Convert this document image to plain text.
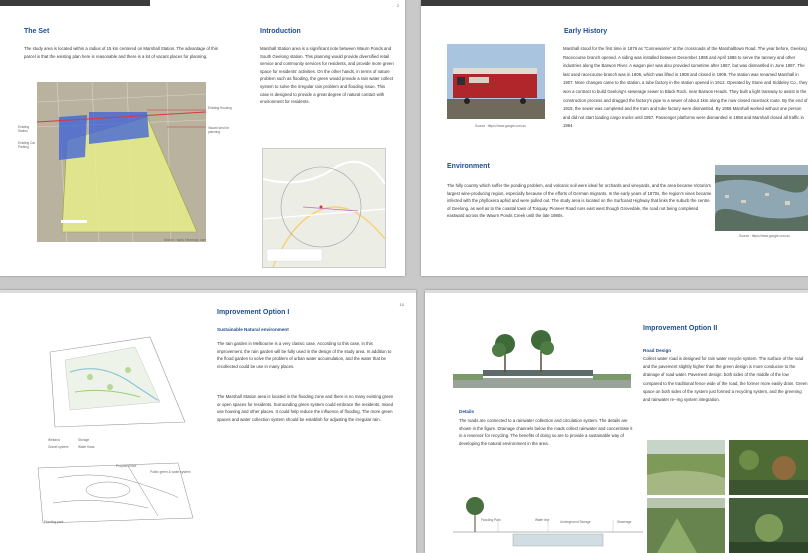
2
The Set
The study area is located within a radius of 15 km centered on Marshall Station. The advantage of this parcel is that the existing plan here is reasonable and there is a lot of vacant places for planning.
Existing Housing
Vacant land for planning
Existing Station
Existing Car Parking
Source : www. Nearmap .com
Introduction
Marshall Station area is a significant note between Waurn Ponds and South Geelong station. This planning would provide diversified retail service and community services for residents, and provide more green space for residents' activities. On the other hands, in terms of nature problem such as flooding, the green would provide a rain water collect system to solve the irregular rain problem and flooding issue. This case is designed to provide a great degree of natural contact with environment for residents.
Source : https://www.google.com.au
Early History
Marshall stood for the first time in 1879 as "Connewarrie" at the crossroads of the Marshalltown Road. The year before, Geelong Racecourse branch opened. A siding was installed between December 1885 and April 1886 to serve the tannery and other industries along the Barwon River. A wagon pier was also provided sometime after 1887, but was dismantled in June 1897. The last used racecourse branch was in 1906, which was lifted in 1908 and closed in 1909. The station was renamed Marshall in 1907. More changes came to the station, a tube factory in the station opened in 1912. Operated by Stone and Siddeley Co., they won a contract to build Geelong's sewerage sewer to Black Rock, near Barwon Heads. They built a light tramway to assist in the construction process and dragged the factory's pipe to a sewer of about 1km along the now closed racetrack route. By the end of 1915, the sewer was completed and the tram and tube factory were dismantled. By 1958 Marshall worked without one person and did not start loading cargo trucks until 1957. Passenger platforms were dismantled in 1958 and Marshall closed all traffic in 1964.
Environment
The hilly country which suffer the ponding problem, and volcanic soil were ideal for orchards and vineyards, and the area became Victoria's largest wine-producing region, especially because of the efforts of German migrants. In the early years of 1870s, the region's vines became infected with the phylloxera aphid and were pulled out. The study area is located on the Surfcoast Highway that links the suburb the centre of Geelong, as well as to the coastal town of Torquay. Pioneer Road runs east west though Grovedale, the road not being completed eastward across the Waurn Ponds Creek until the late 1980s.
Source : https://www.google.com.au
10
Improvement Option I
Sustainable Natural environment
The rain garden in Melbourne is a very classic case. According to this case, in this improvement, the rain garden will be fully used in the design of the study area. In addition to the flood garden to solve the problem of urban water accumulation, and the water that be recollected could be use in many places.
The Marshall Station area is located in the flooding zone and there is no many existing green or open spaces for residents. Surrounding green system could embrace the residents, mixed use housing and other places. It could help reduce the influence of flooding. The more green spaces and water collection system should be establish for adjusting the irregular rain.
Wetland	Storage
Gravel system	Water flows
Proposed bike
Public green & water system
Flooding park
Details
The roads are connected to a rainwater collection and circulation system. The details are shown in the figure. Drainage channels below the roads collect rainwater and concentrate it in a reservoir for recycling. The benefits of doing so are to provide a sustainable way of developing the natural environment in the area.
Flooding Park	Water line	Underground Storage	Sewerage
Improvement Option II
Road Design
Collect water road is designed for rain water recycle system. The surface of the road and the pavement slightly higher than the green design is more conducive to the drainage of road water. Pavement design: both sides of the middle of the low compared to the traditional fence wide of the road, the former more easily drain. Green space on both sides of the system just formed a recycling system, and the greening and rainwater re--ing system integration.
